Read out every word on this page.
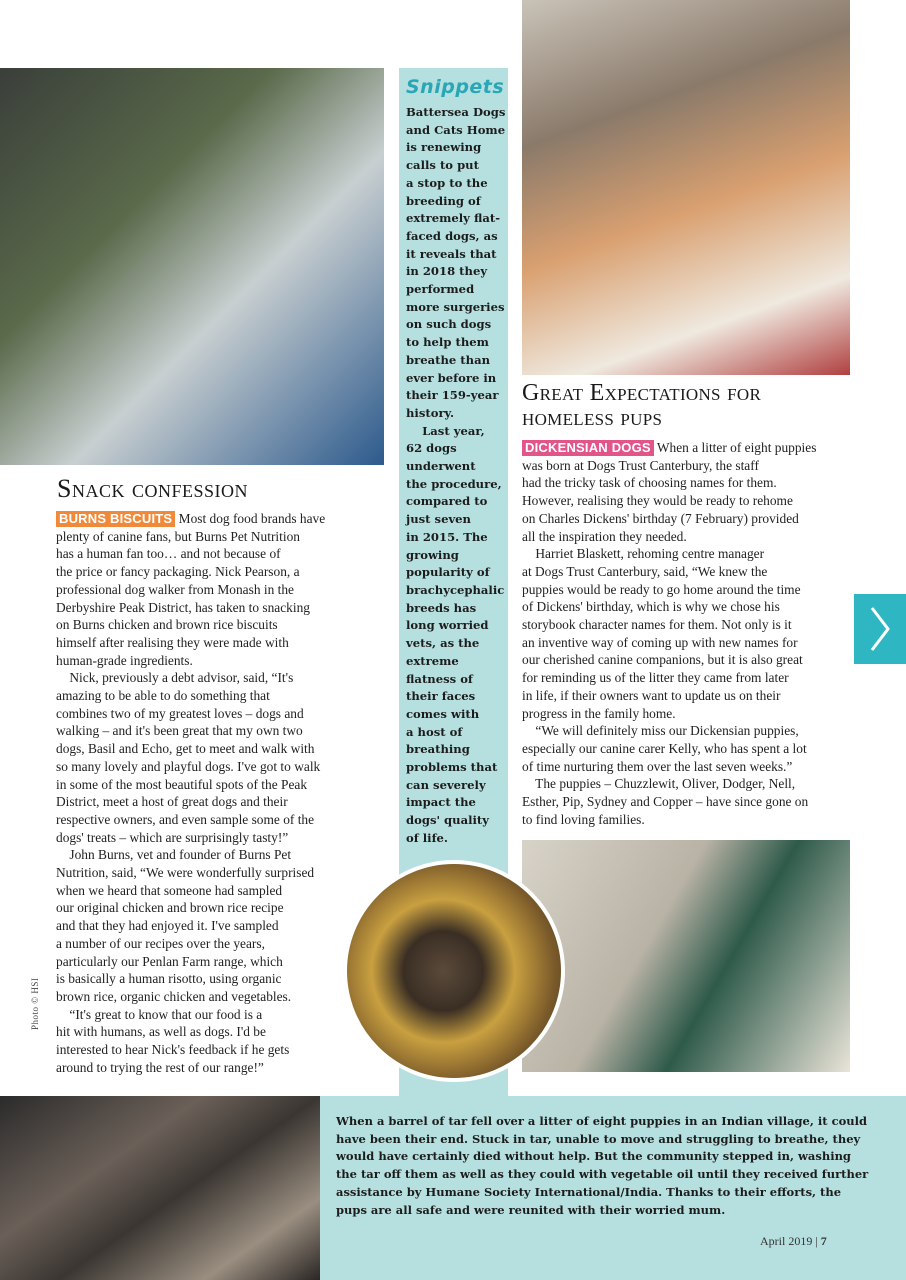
Snippets
Battersea Dogs
and Cats Home
is renewing
calls to put
a stop to the
breeding of
extremely flat-
faced dogs, as
it reveals that
in 2018 they
performed
more surgeries
on such dogs
to help them
breathe than
ever before in
their 159-year
history.
Last year,
62 dogs
underwent
the procedure,
compared to
just seven
in 2015. The
growing
popularity of
brachycephalic
breeds has
long worried
vets, as the
extreme
flatness of
their faces
comes with
a host of
breathing
problems that
can severely
impact the
dogs' quality
of life.
Snack confession
BURNS BISCUITS Most dog food brands have
plenty of canine fans, but Burns Pet Nutrition
has a human fan too… and not because of
the price or fancy packaging. Nick Pearson, a
professional dog walker from Monash in the
Derbyshire Peak District, has taken to snacking
on Burns chicken and brown rice biscuits
himself after realising they were made with
human-grade ingredients.
Nick, previously a debt advisor, said, “It's
amazing to be able to do something that
combines two of my greatest loves – dogs and
walking – and it's been great that my own two
dogs, Basil and Echo, get to meet and walk with
so many lovely and playful dogs. I've got to walk
in some of the most beautiful spots of the Peak
District, meet a host of great dogs and their
respective owners, and even sample some of the
dogs' treats – which are surprisingly tasty!”
John Burns, vet and founder of Burns Pet
Nutrition, said, “We were wonderfully surprised
when we heard that someone had sampled
our original chicken and brown rice recipe
and that they had enjoyed it. I've sampled
a number of our recipes over the years,
particularly our Penlan Farm range, which
is basically a human risotto, using organic
brown rice, organic chicken and vegetables.
“It's great to know that our food is a
hit with humans, as well as dogs. I'd be
interested to hear Nick's feedback if he gets
around to trying the rest of our range!”
Great Expectations for homeless pups
DICKENSIAN DOGS When a litter of eight puppies
was born at Dogs Trust Canterbury, the staff
had the tricky task of choosing names for them.
However, realising they would be ready to rehome
on Charles Dickens' birthday (7 February) provided
all the inspiration they needed.
Harriet Blaskett, rehoming centre manager
at Dogs Trust Canterbury, said, “We knew the
puppies would be ready to go home around the time
of Dickens' birthday, which is why we chose his
storybook character names for them. Not only is it
an inventive way of coming up with new names for
our cherished canine companions, but it is also great
for reminding us of the litter they came from later
in life, if their owners want to update us on their
progress in the family home.
“We will definitely miss our Dickensian puppies,
especially our canine carer Kelly, who has spent a lot
of time nurturing them over the last seven weeks.”
The puppies – Chuzzlewit, Oliver, Dodger, Nell,
Esther, Pip, Sydney and Copper – have since gone on
to find loving families.
Photo © HSI
When a barrel of tar fell over a litter of eight puppies in an Indian village, it could
have been their end. Stuck in tar, unable to move and struggling to breathe, they
would have certainly died without help. But the community stepped in, washing
the tar off them as well as they could with vegetable oil until they received further
assistance by Humane Society International/India. Thanks to their efforts, the
pups are all safe and were reunited with their worried mum.
April 2019 | 7
